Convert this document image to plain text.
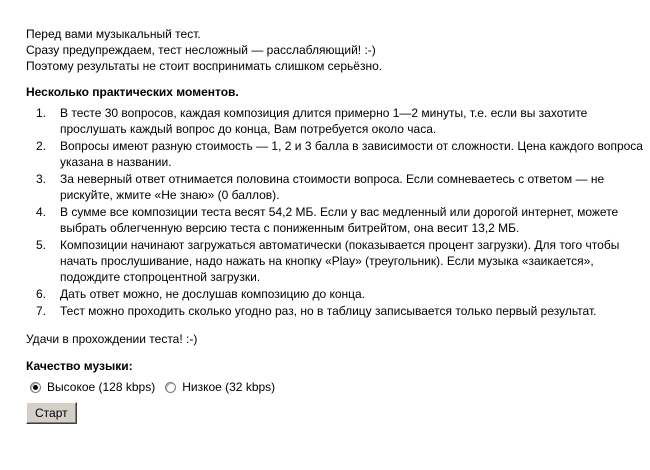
Перед вами музыкальный тест.

Сразу предупреждаем, тест несложный — расслабляющий! :-)

Поэтому результаты не стоит воспринимать слишком серьёзно.

Несколько практических моментов.
1. В тесте 30 вопросов, каждая композиция длится примерно 1—2 минуты, т.е. если вы захотите прослушать каждый вопрос до конца, Вам потребуется около часа.
2. Вопросы имеют разную стоимость — 1, 2 и 3 балла в зависимости от сложности. Цена каждого вопроса указана в названии.
3. За неверный ответ отнимается половина стоимости вопроса. Если сомневаетесь с ответом — не рискуйте, жмите «Не знаю» (0 баллов).
4. В сумме все композиции теста весят 54,2 МБ. Если у вас медленный или дорогой интернет, можете выбрать облегченную версию теста с пониженным битрейтом, она весит 13,2 МБ.
5. Композиции начинают загружаться автоматически (показывается процент загрузки). Для того чтобы начать прослушивание, надо нажать на кнопку «Play» (треугольник). Если музыка «заикается», подождите стопроцентной загрузки.
6. Дать ответ можно, не дослушав композицию до конца.
7. Тест можно проходить сколько угодно раз, но в таблицу записывается только первый результат.

Удачи в прохождении теста! :-)

Качество музыки:
Высокое (128 kbps) Низкое (32 kbps)
Старт
